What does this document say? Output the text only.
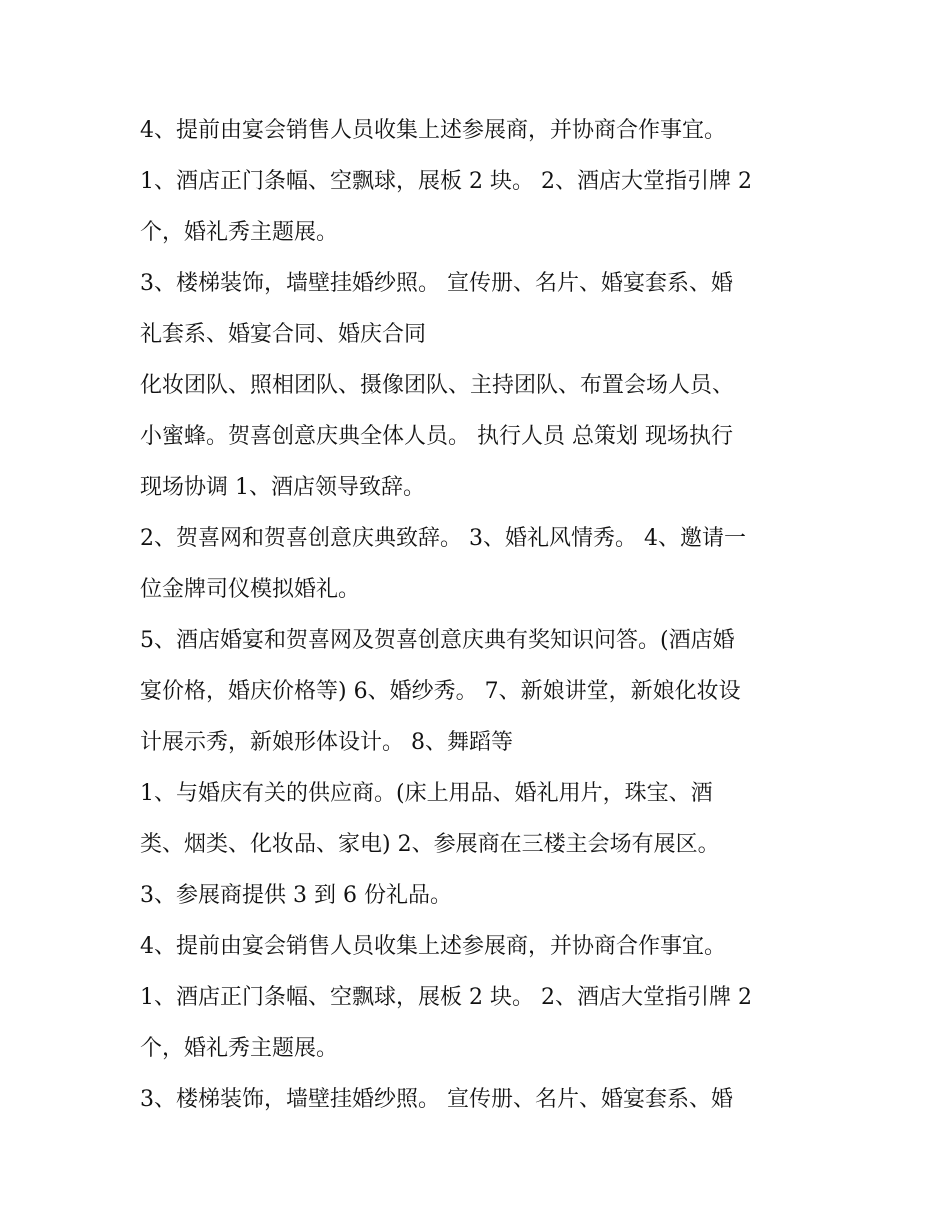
4、提前由宴会销售人员收集上述参展商，并协商合作事宜。
1、酒店正门条幅、空飘球，展板 2 块。 2、酒店大堂指引牌 2
个，婚礼秀主题展。
3、楼梯装饰，墙壁挂婚纱照。 宣传册、名片、婚宴套系、婚
礼套系、婚宴合同、婚庆合同
化妆团队、照相团队、摄像团队、主持团队、布置会场人员、
小蜜蜂。贺喜创意庆典全体人员。 执行人员 总策划 现场执行
现场协调 1、酒店领导致辞。
2、贺喜网和贺喜创意庆典致辞。 3、婚礼风情秀。 4、邀请一
位金牌司仪模拟婚礼。
5、酒店婚宴和贺喜网及贺喜创意庆典有奖知识问答。(酒店婚
宴价格，婚庆价格等) 6、婚纱秀。 7、新娘讲堂，新娘化妆设
计展示秀，新娘形体设计。 8、舞蹈等
1、与婚庆有关的供应商。(床上用品、婚礼用片，珠宝、酒
类、烟类、化妆品、家电) 2、参展商在三楼主会场有展区。
3、参展商提供 3 到 6 份礼品。
4、提前由宴会销售人员收集上述参展商，并协商合作事宜。
1、酒店正门条幅、空飘球，展板 2 块。 2、酒店大堂指引牌 2
个，婚礼秀主题展。
3、楼梯装饰，墙壁挂婚纱照。 宣传册、名片、婚宴套系、婚
